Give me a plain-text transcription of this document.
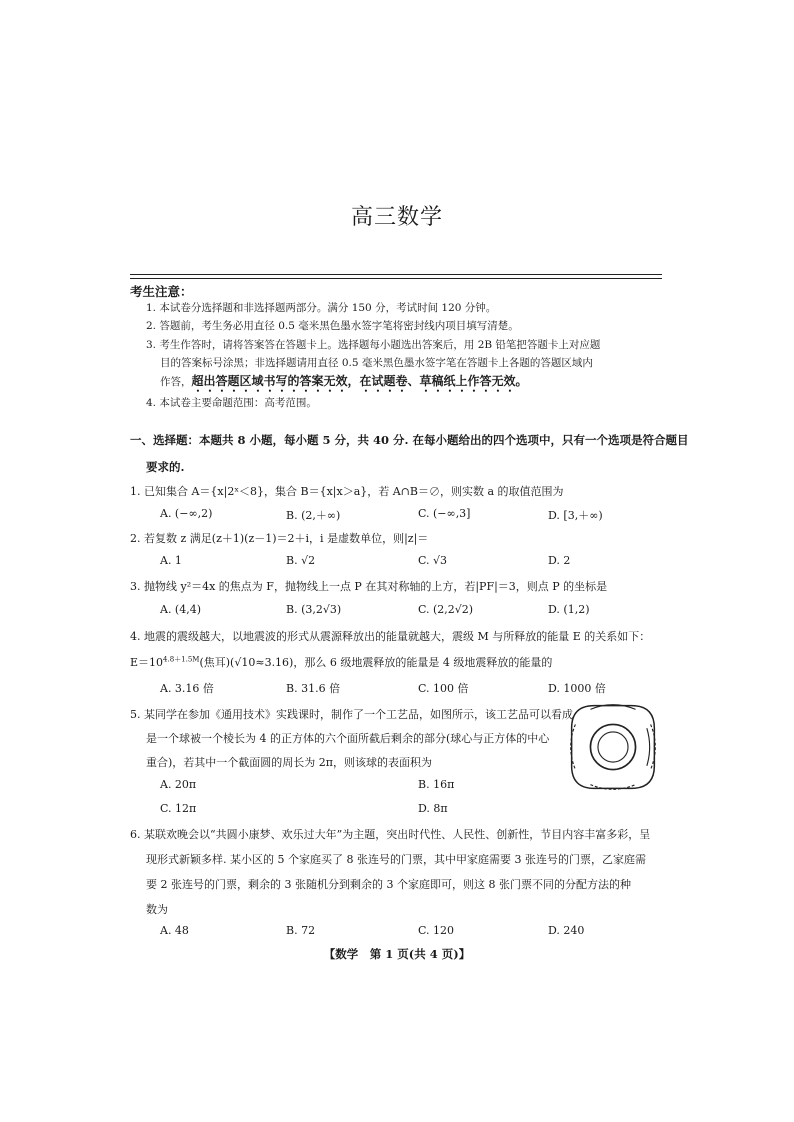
高三数学
考生注意：
1. 本试卷分选择题和非选择题两部分。满分 150 分，考试时间 120 分钟。
2. 答题前，考生务必用直径 0.5 毫米黑色墨水签字笔将密封线内项目填写清楚。
3. 考生作答时，请将答案答在答题卡上。选择题每小题选出答案后，用 2B 铅笔把答题卡上对应题
目的答案标号涂黑；非选择题请用直径 0.5 毫米黑色墨水签字笔在答题卡上各题的答题区域内
作答，超出答题区域书写的答案无效，在试题卷、草稿纸上作答无效。
4. 本试卷主要命题范围：高考范围。
一、选择题：本题共 8 小题，每小题 5 分，共 40 分. 在每小题给出的四个选项中，只有一个选项是符合题目
要求的.
1. 已知集合 A＝{x|2ˣ＜8}，集合 B＝{x|x＞a}，若 A∩B＝∅，则实数 a 的取值范围为
A. (−∞,2)	B. (2,＋∞)	C. (−∞,3]	D. [3,＋∞)
2. 若复数 z 满足(z＋1)(z－1)＝2＋i，i 是虚数单位，则|z|＝
A. 1	B. √2	C. √3	D. 2
3. 抛物线 y²＝4x 的焦点为 F，抛物线上一点 P 在其对称轴的上方，若|PF|＝3，则点 P 的坐标是
A. (4,4)	B. (3,2√3)	C. (2,2√2)	D. (1,2)
4. 地震的震级越大，以地震波的形式从震源释放出的能量就越大，震级 M 与所释放的能量 E 的关系如下：
$E=10^{4.8+1.5M}$(焦耳)(√10≈3.16)，那么 6 级地震释放的能量是 4 级地震释放的能量的
A. 3.16 倍	B. 31.6 倍	C. 100 倍	D. 1000 倍
5. 某同学在参加《通用技术》实践课时，制作了一个工艺品，如图所示，该工艺品可以看成
是一个球被一个棱长为 4 的正方体的六个面所截后剩余的部分(球心与正方体的中心
重合)，若其中一个截面圆的周长为 2π，则该球的表面积为
A. 20π	B. 16π
C. 12π	D. 8π
6. 某联欢晚会以“共圆小康梦、欢乐过大年”为主题，突出时代性、人民性、创新性，节目内容丰富多彩，呈
现形式新颖多样. 某小区的 5 个家庭买了 8 张连号的门票，其中甲家庭需要 3 张连号的门票，乙家庭需
要 2 张连号的门票，剩余的 3 张随机分到剩余的 3 个家庭即可，则这 8 张门票不同的分配方法的种
数为
A. 48	B. 72	C. 120	D. 240
【数学　第 1 页(共 4 页)】
